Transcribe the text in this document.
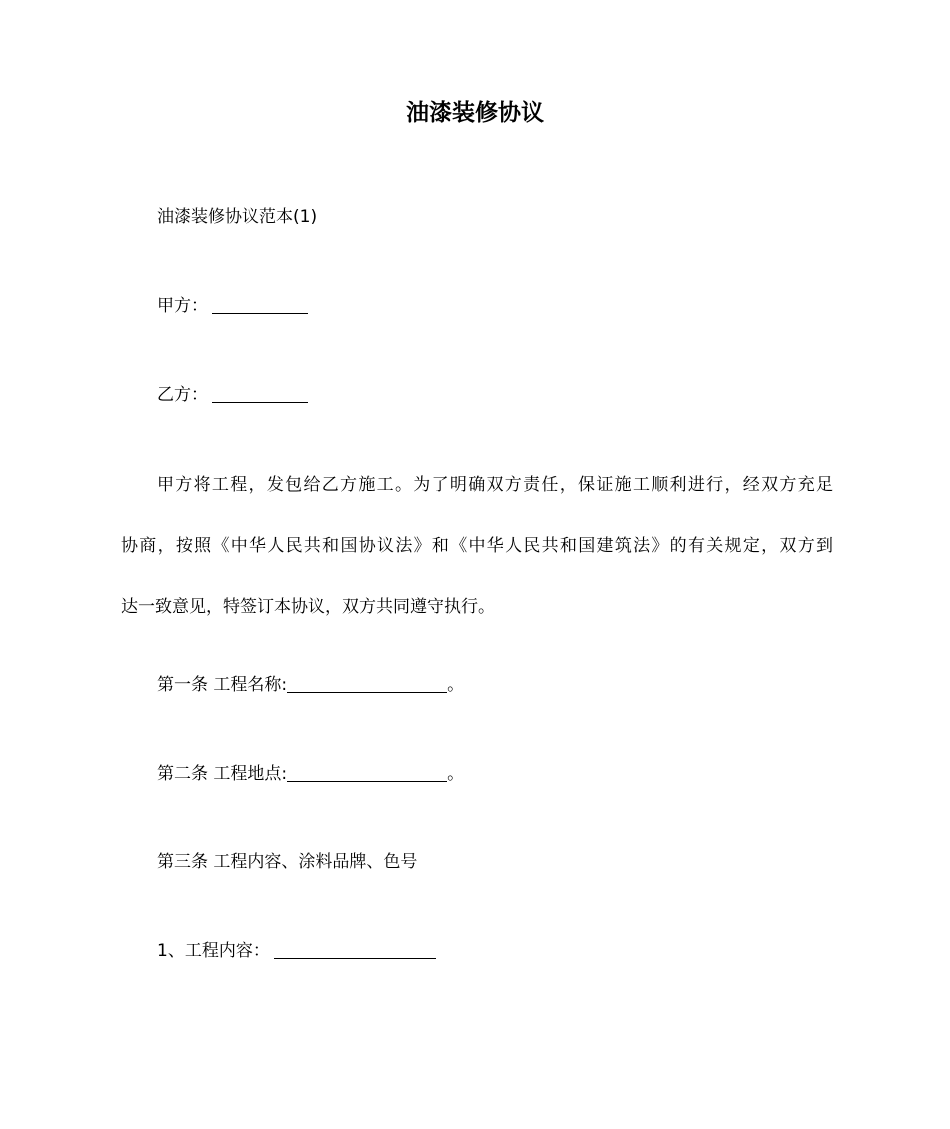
油漆装修协议

油漆装修协议范本(1)

甲方：

乙方：

甲方将工程，发包给乙方施工。为了明确双方责任，保证施工顺利进行，经双方充足
协商，按照《中华人民共和国协议法》和《中华人民共和国建筑法》的有关规定，双方到
达一致意见，特签订本协议，双方共同遵守执行。

第一条 工程名称:	。

第二条 工程地点:	。

第三条 工程内容、涂料品牌、色号

1、工程内容：
